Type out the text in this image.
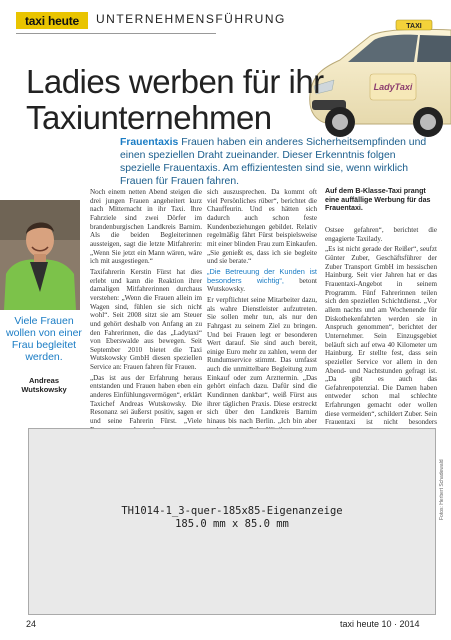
taxi heute UNTERNEHMENSFÜHRUNG
TAXI
LadyTaxi
Ladies werben für ihr Taxiunternehmen
Frauentaxis Frauen haben ein anderes Sicherheitsempfinden und einen speziellen Draht zueinander. Dieser Erkenntnis folgen spezielle Frauentaxis. Am effizientesten sind sie, wenn wirklich Frauen für Frauen fahren.
Viele Frauen wollen von einer Frau begleitet werden.
Andreas Wutskowsky

Noch einem netten Abend steigen die drei jungen Frauen angeheitert kurz nach Mitternacht in ihr Taxi. Ihre Fahrziele sind zwei Dörfer im brandenburgischen Landkreis Barnim. Als die beiden Begleiterinnen aussteigen, sagt die letzte Mitfahrerin: „Wenn Sie jetzt ein Mann wären, wäre ich mit ausgestiegen.“

Taxifahrerin Kerstin Fürst hat dies erlebt und kann die Reaktion ihrer damaligen Mitfahrerinnen durchaus verstehen: „Wenn die Frauen allein im Wagen sind, fühlen sie sich nicht wohl“. Seit 2008 sitzt sie am Steuer und gehört deshalb von Anfang an zu den Fahrerinnen, die das „Ladytaxi“ von Eberswalde aus bewegen. Seit September 2010 bietet die Taxi Wutskowsky GmbH diesen speziellen Service an: Frauen fahren für Frauen.

„Das ist aus der Erfahrung heraus entstanden und Frauen haben eben ein anderes Einfühlungsvermögen“, erklärt Taxichef Andreas Wutskowsky. Die Resonanz sei äußerst positiv, sagen er und seine Fahrerin Fürst. „Viele

sich auszusprechen. Da kommt oft viel Persönliches rüber“, berichtet die Chauffeurin. Und es hätten sich dadurch auch schon feste Kundenbeziehungen gebildet. Relativ regelmäßig fährt Fürst beispielsweise mit einer blinden Frau zum Einkaufen. „Sie genießt es, dass ich sie begleite und sie berate.“

„Die Betreuung der Kunden ist besonders wichtig“, betont Wutskowsky.

Er verpflichtet seine Mitarbeiter dazu, als wahre Dienstleister aufzutreten. Sie sollen mehr tun, als nur den Fahrgast zu seinem Ziel zu bringen. Und bei Frauen legt er besonderen Wert darauf. Sie sind auch bereit, einige Euro mehr zu zahlen, wenn der Rundumservice stimmt. Das umfasst auch die unmittelbare Begleitung zum Einkauf oder zum Arzttermin. „Das gehört einfach dazu. Dafür sind die Kundinnen dankbar“, weiß Fürst aus ihrer täglichen Praxis. Diese erstreckt sich über den Landkreis Barnim hinaus bis nach Berlin. „Ich bin aber

Auf dem B-Klasse-Taxi prangt eine auffällige Werbung für das Frauentaxi.

Ostsee gefahren“, berichtet die engagierte Taxilady.

„Es ist nicht gerade der Reißer“, seufzt Günter Zuber, Geschäftsführer der Zuber Transport GmbH im hessischen Hainburg. Seit vier Jahren hat er das Frauentaxi-Angebot in seinem Programm. Fünf Fahrerinnen teilen sich den speziellen Schichtdienst. „Vor allem nachts und am Wochenende für Diskothekenfahrten werden sie in Anspruch genommen“, berichtet der Unternehmer. Sein Einzugsgebiet beläuft sich auf etwa 40 Kilometer um Hainburg. Er stellte fest, dass sein spezieller Service vor allem in den Abend- und Nachtstunden gefragt ist. „Da gibt es auch das Gefahrenpotenzial. Die Damen haben entweder schon mal schlechte Erfahrungen gemacht oder wollen diese vermeiden“, schildert Zuber. Sein Frauentaxi ist nicht besonders

TH1014-1_3-quer-185x85-Eigenanzeige
185.0 mm x 85.0 mm
Fotos: Herbert Schadewald
24	taxi heute 10 · 2014
